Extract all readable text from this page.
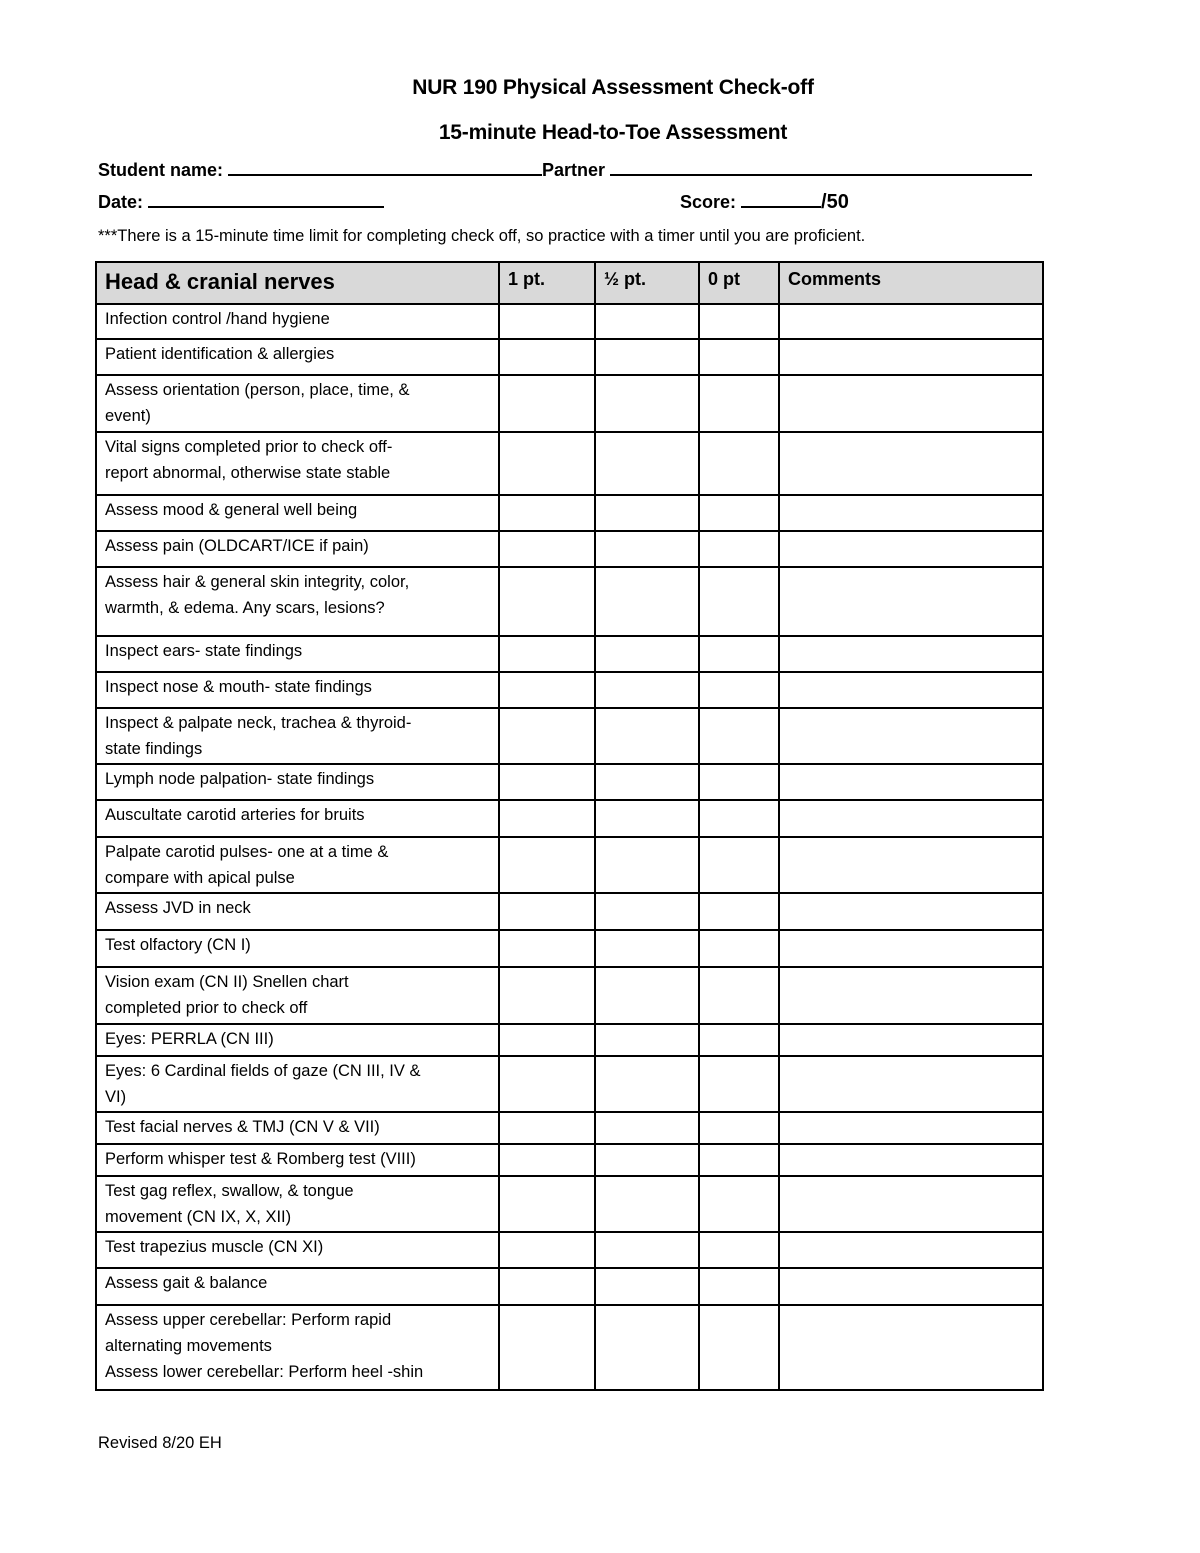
NUR 190 Physical Assessment Check-off
15-minute Head-to-Toe Assessment
Student name:	Partner
Date:	Score:	/50
***There is a 15-minute time limit for completing check off, so practice with a timer until you are proficient.
Head & cranial nerves	1 pt.	½ pt.	0 pt	Comments

Infection control /hand hygiene				

Patient identification & allergies				

Assess orientation (person, place, time, &
event)				

Vital signs completed prior to check off-
report abnormal, otherwise state stable				

Assess mood & general well being				

Assess pain (OLDCART/ICE if pain)				

Assess hair & general skin integrity, color,
warmth, & edema. Any scars, lesions?				

Inspect ears- state findings				

Inspect nose & mouth- state findings				

Inspect & palpate neck, trachea & thyroid-
state findings				

Lymph node palpation- state findings				

Auscultate carotid arteries for bruits				

Palpate carotid pulses- one at a time &
compare with apical pulse				

Assess JVD in neck				

Test olfactory (CN I)				

Vision exam (CN II) Snellen chart
completed prior to check off				

Eyes: PERRLA (CN III)				

Eyes: 6 Cardinal fields of gaze (CN III, IV &
VI)				

Test facial nerves & TMJ (CN V & VII)				

Perform whisper test & Romberg test (VIII)				

Test gag reflex, swallow, & tongue
movement (CN IX, X, XII)				

Test trapezius muscle (CN XI)				

Assess gait & balance				

Assess upper cerebellar: Perform rapid
alternating movements
Assess lower cerebellar: Perform heel -shin				

Revised 8/20 EH
